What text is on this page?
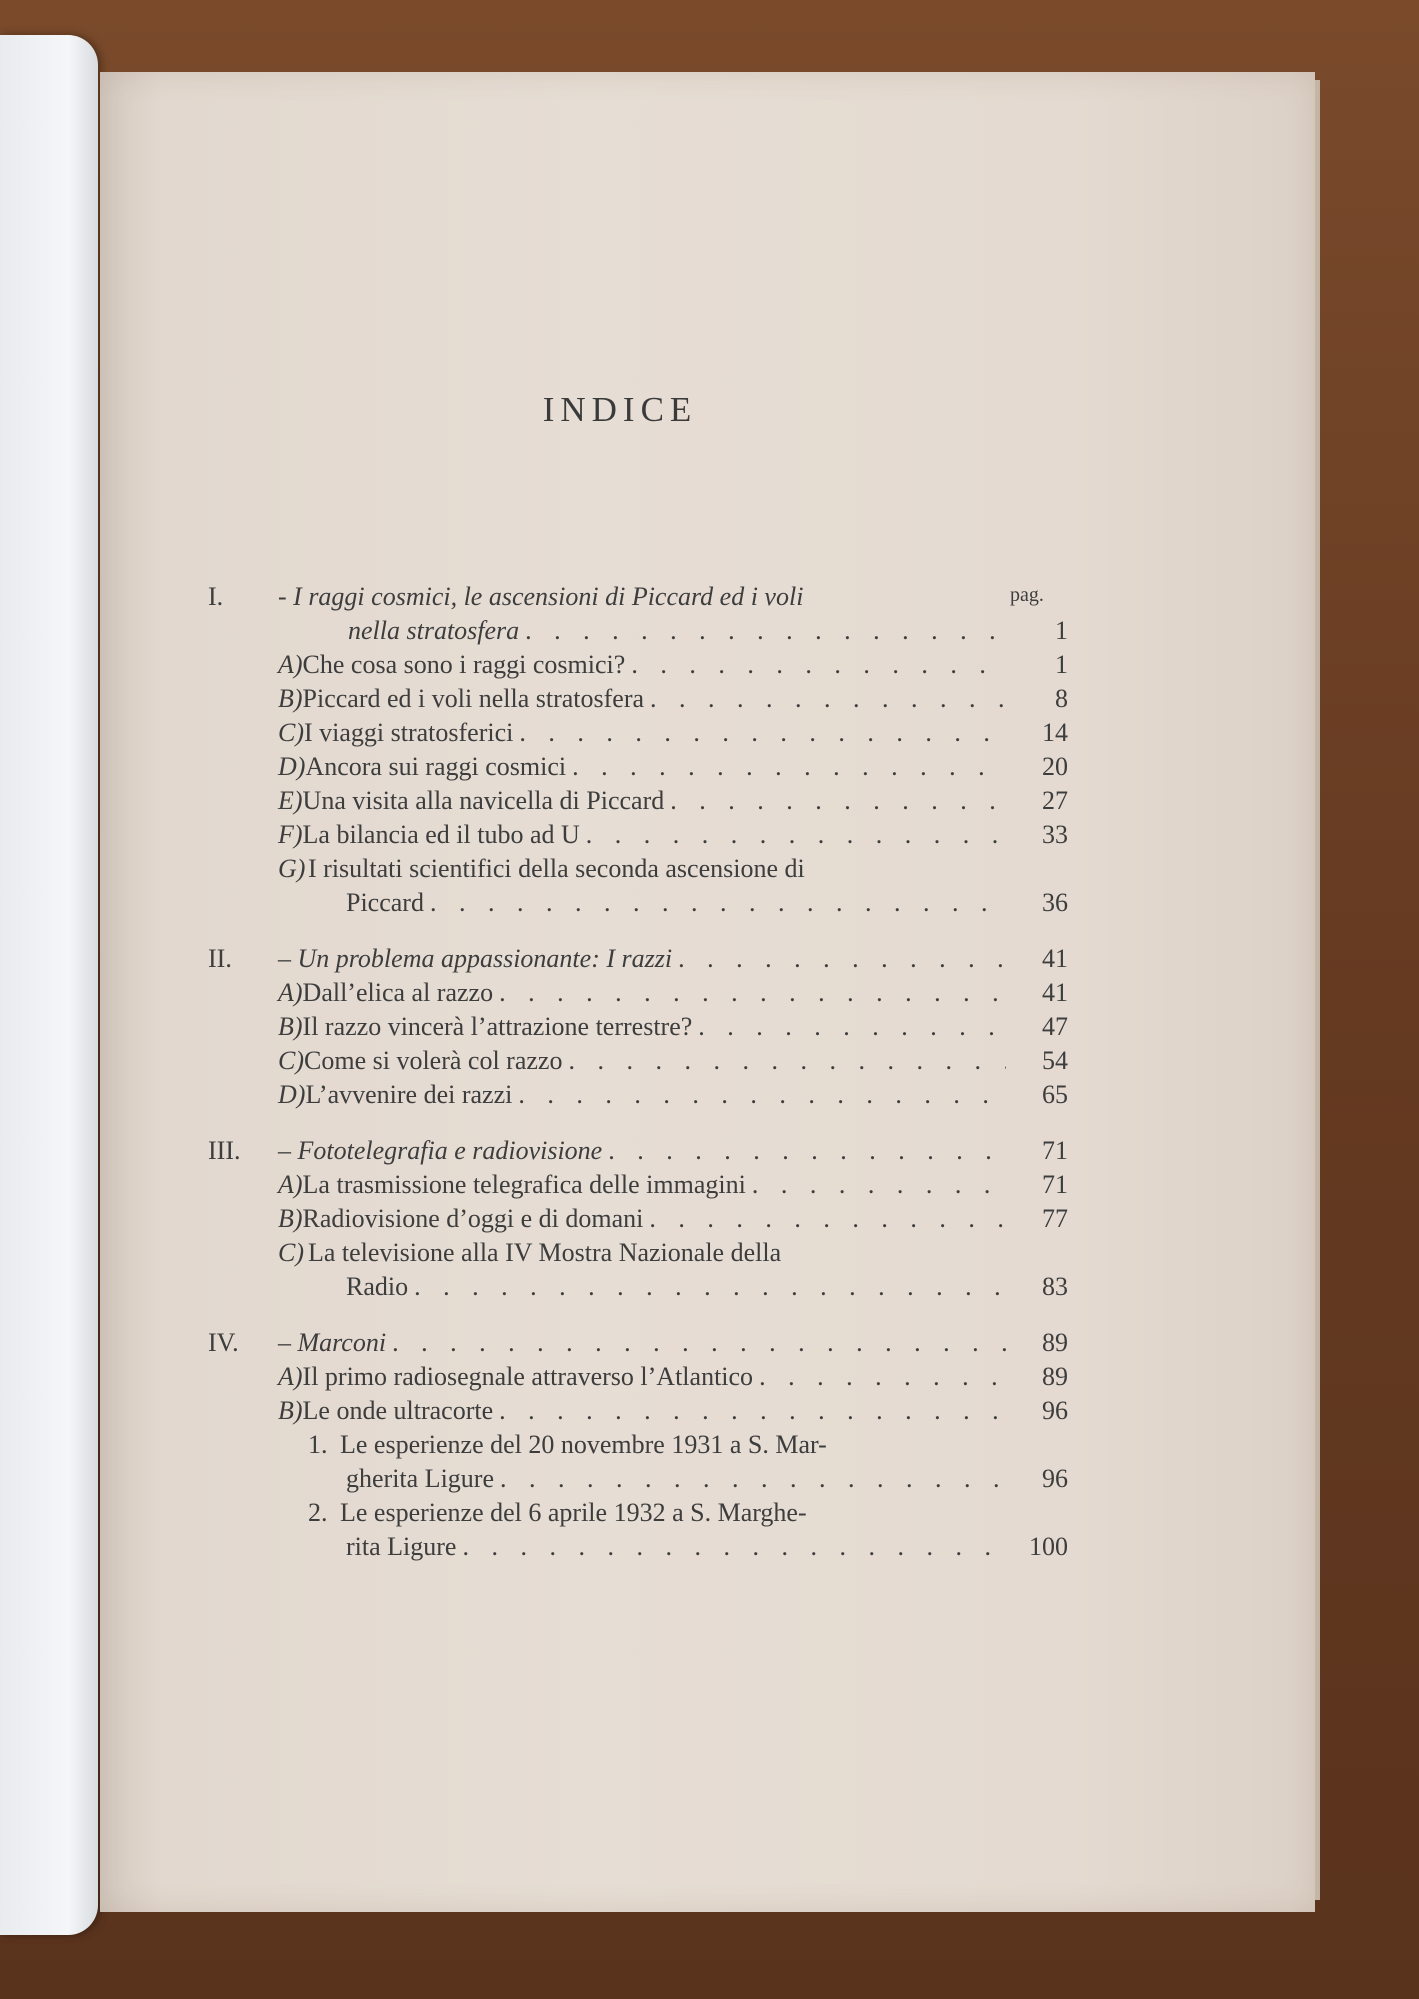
INDICE
pag.
I.	- I raggi cosmici, le ascensioni di Piccard ed i voli
nella stratosfera . . .	1
A) Che cosa sono i raggi cosmici? . . .	1
B) Piccard ed i voli nella stratosfera . . .	8
C) I viaggi stratosferici . . .	14
D) Ancora sui raggi cosmici . . .	20
E) Una visita alla navicella di Piccard . . .	27
F) La bilancia ed il tubo ad U . . .	33
G) I risultati scientifici della seconda ascensione di
Piccard . . .	36
II.	– Un problema appassionante: I razzi . . .	41
A) Dall’elica al razzo . . .	41
B) Il razzo vincerà l’attrazione terrestre? . . .	47
C) Come si volerà col razzo . . .	54
D) L’avvenire dei razzi . . .	65
III.	– Fototelegrafia e radiovisione . . .	71
A) La trasmissione telegrafica delle immagini . . .	71
B) Radiovisione d’oggi e di domani . . .	77
C) La televisione alla IV Mostra Nazionale della
Radio . . .	83
IV.	– Marconi . . .	89
A) Il primo radiosegnale attraverso l’Atlantico . . .	89
B) Le onde ultracorte . . .	96
1. Le esperienze del 20 novembre 1931 a S. Mar-
gherita Ligure . . .	96
2. Le esperienze del 6 aprile 1932 a S. Marghe-
rita Ligure . . .	100
